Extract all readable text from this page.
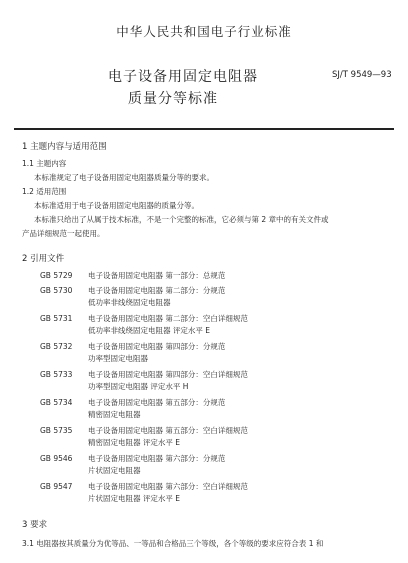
中华人民共和国电子行业标准
电子设备用固定电阻器
质量分等标准
SJ/T 9549—93
1 主题内容与适用范围
1.1 主题内容
本标准规定了电子设备用固定电阻器质量分等的要求。
1.2 适用范围
本标准适用于电子设备用固定电阻器的质量分等。
本标准只给出了从属于技术标准，不是一个完整的标准，它必须与第 2 章中的有关文件或
产品详细规范一起使用。
2 引用文件
GB 5729 电子设备用固定电阻器 第一部分：总规范
GB 5730 电子设备用固定电阻器 第二部分：分规范
低功率非线绕固定电阻器
GB 5731 电子设备用固定电阻器 第二部分：空白详细规范
低功率非线绕固定电阻器 评定水平 E
GB 5732 电子设备用固定电阻器 第四部分：分规范
功率型固定电阻器
GB 5733 电子设备用固定电阻器 第四部分：空白详细规范
功率型固定电阻器 评定水平 H
GB 5734 电子设备用固定电阻器 第五部分：分规范
精密固定电阻器
GB 5735 电子设备用固定电阻器 第五部分：空白详细规范
精密固定电阻器 评定水平 E
GB 9546 电子设备用固定电阻器 第六部分：分规范
片状固定电阻器
GB 9547 电子设备用固定电阻器 第六部分：空白详细规范
片状固定电阻器 评定水平 E
3 要求
3.1 电阻器按其质量分为优等品、一等品和合格品三个等级，各个等级的要求应符合表 1 和
